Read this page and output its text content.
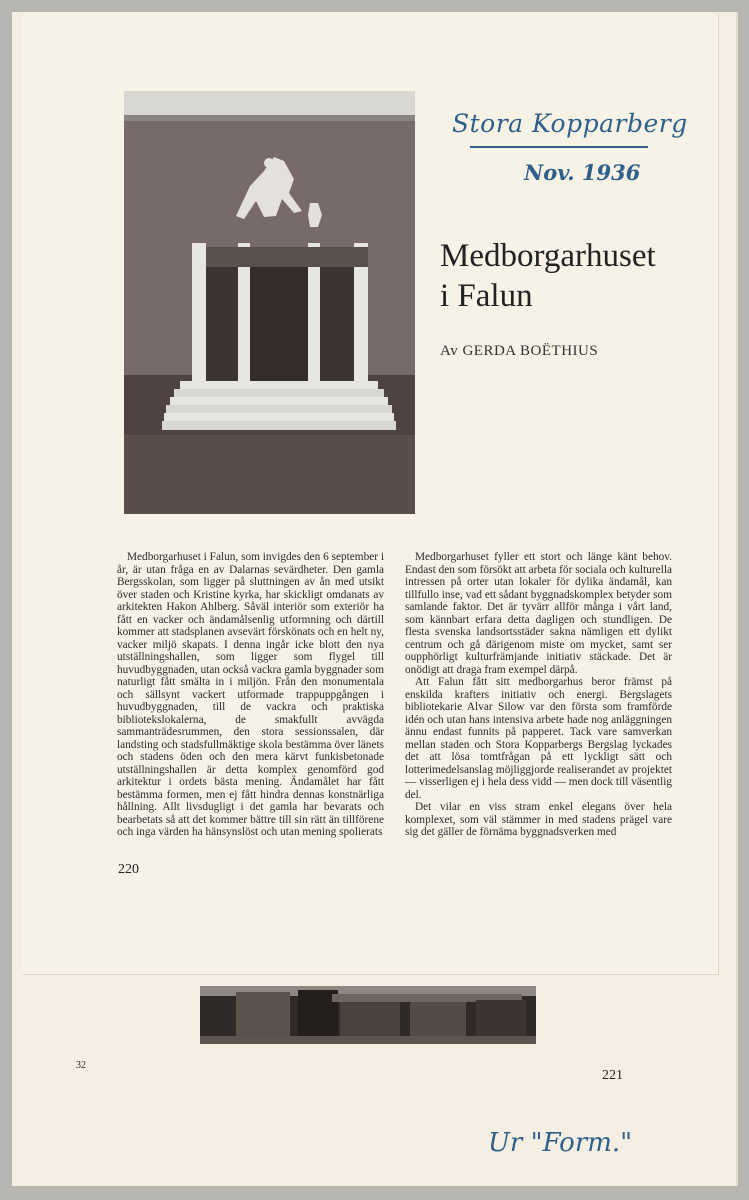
Stora Kopparberg
Nov. 1936
Medborgarhuset
i Falun
Av GERDA BOËTHIUS

Medborgarhuset i Falun, som invigdes den 6 september i år, är utan fråga en av Dalarnas sevärdheter. Den gamla Bergsskolan, som ligger på sluttningen av ån med utsikt över staden och Kristine kyrka, har skickligt omdanats av arkitekten Hakon Ahlberg. Såväl interiör som exteriör ha fått en vacker och ändamålsenlig utformning och därtill kommer att stadsplanen avsevärt förskönats och en helt ny, vacker miljö skapats. I denna ingår icke blott den nya utställningshallen, som ligger som flygel till huvudbyggnaden, utan också vackra gamla byggnader som naturligt fått smälta in i miljön. Från den monumentala och sällsynt vackert utformade trappuppgången i huvudbyggnaden, till de vackra och praktiska bibliotekslokalerna, de smakfullt avvägda sammanträdesrummen, den stora sessionssalen, där landsting och stadsfullmäktige skola bestämma över länets och stadens öden och den mera kärvt funkisbetonade utställningshallen är detta komplex genomförd god arkitektur i ordets bästa mening. Ändamålet har fått bestämma formen, men ej fått hindra dennas konstnärliga hållning. Allt livsdugligt i det gamla har bevarats och bearbetats så att det kommer bättre till sin rätt än tillförene och inga värden ha hänsynslöst och utan mening spolierats

Medborgarhuset fyller ett stort och länge känt behov. Endast den som försökt att arbeta för sociala och kulturella intressen på orter utan lokaler för dylika ändamål, kan tillfullo inse, vad ett sådant byggnadskomplex betyder som samlande faktor. Det är tyvärr allför många i vårt land, som kännbart erfara detta dagligen och stundligen. De flesta svenska landsortsstäder sakna nämligen ett dylikt centrum och gå därigenom miste om mycket, samt ser oupphörligt kulturfrämjande initiativ stäckade. Det är onödigt att draga fram exempel därpå.

Att Falun fått sitt medborgarhus beror främst på enskilda krafters initiativ och energi. Bergslagets bibliotekarie Alvar Silow var den första som framförde idén och utan hans intensiva arbete hade nog anläggningen ännu endast funnits på papperet. Tack vare samverkan mellan staden och Stora Kopparbergs Bergslag lyckades det att lösa tomtfrågan på ett lyckligt sätt och lotterimedelsanslag möjliggjorde realiserandet av projektet — visserligen ej i hela dess vidd — men dock till väsentlig del.

Det vilar en viss stram enkel elegans över hela komplexet, som väl stämmer in med stadens prägel vare sig det gäller de förnäma byggnadsverken med

220
32
221
Ur "Form."
